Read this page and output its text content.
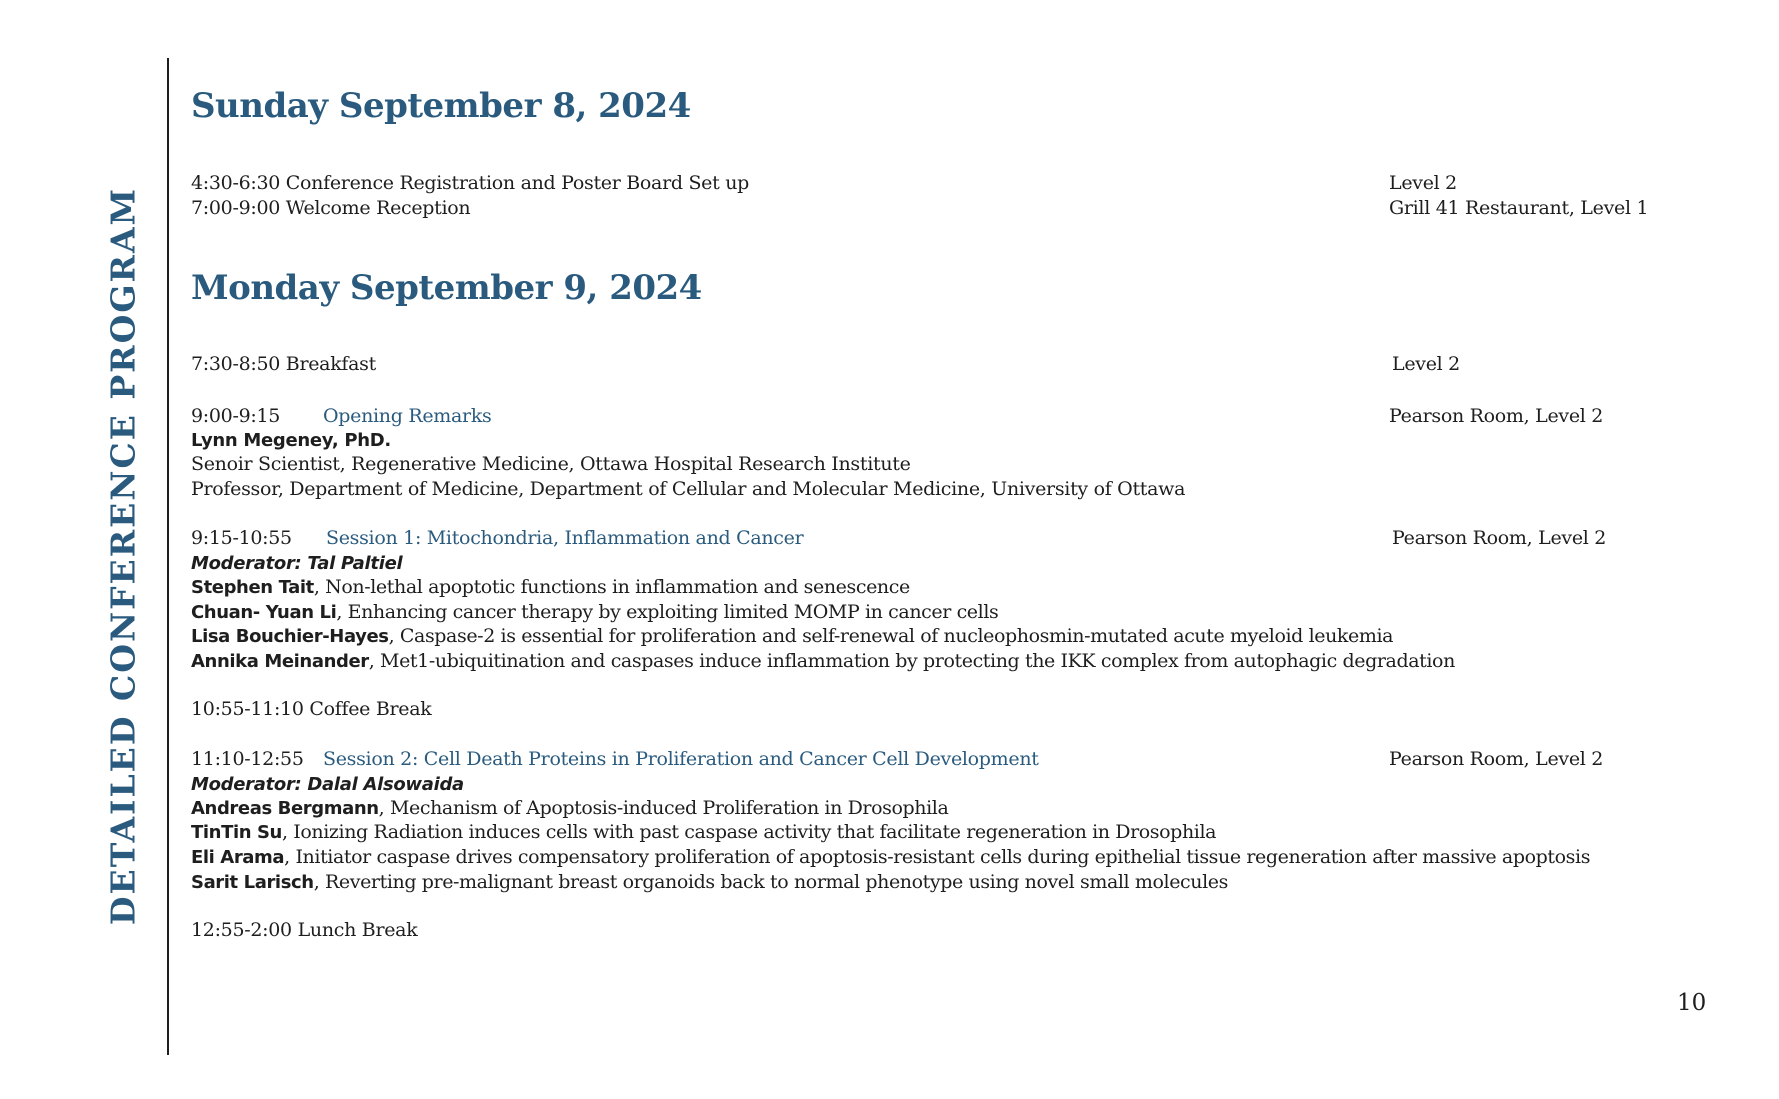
DETAILED CONFERENCE PROGRAM
Sunday September 8, 2024
4:30-6:30 Conference Registration and Poster Board Set up	Level 2
7:00-9:00 Welcome Reception	Grill 41 Restaurant, Level 1
Monday September 9, 2024
7:30-8:50 Breakfast	Level 2
9:00-9:15 Opening Remarks	Pearson Room, Level 2
Lynn Megeney, PhD.
Senoir Scientist, Regenerative Medicine, Ottawa Hospital Research Institute
Professor, Department of Medicine, Department of Cellular and Molecular Medicine, University of Ottawa
9:15-10:55 Session 1: Mitochondria, Inflammation and Cancer	Pearson Room, Level 2
Moderator: Tal Paltiel
Stephen Tait, Non-lethal apoptotic functions in inflammation and senescence
Chuan- Yuan Li, Enhancing cancer therapy by exploiting limited MOMP in cancer cells
Lisa Bouchier-Hayes, Caspase-2 is essential for proliferation and self-renewal of nucleophosmin-mutated acute myeloid leukemia
Annika Meinander, Met1-ubiquitination and caspases induce inflammation by protecting the IKK complex from autophagic degradation
10:55-11:10 Coffee Break
11:10-12:55 Session 2: Cell Death Proteins in Proliferation and Cancer Cell Development	Pearson Room, Level 2
Moderator: Dalal Alsowaida
Andreas Bergmann, Mechanism of Apoptosis-induced Proliferation in Drosophila
TinTin Su, Ionizing Radiation induces cells with past caspase activity that facilitate regeneration in Drosophila
Eli Arama, Initiator caspase drives compensatory proliferation of apoptosis-resistant cells during epithelial tissue regeneration after massive apoptosis
Sarit Larisch, Reverting pre-malignant breast organoids back to normal phenotype using novel small molecules
12:55-2:00 Lunch Break
10
